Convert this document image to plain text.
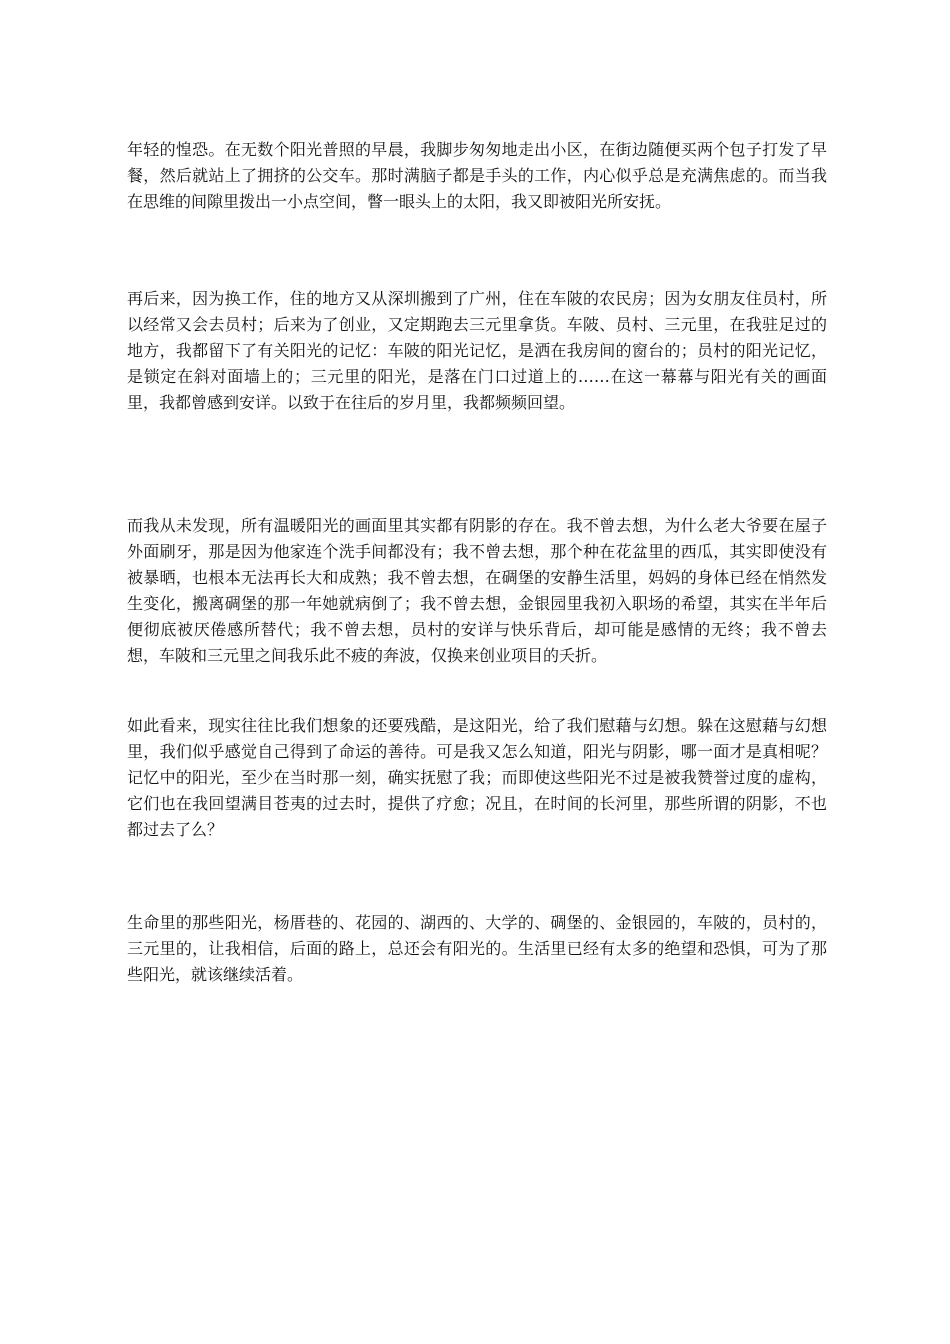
年轻的惶恐。在无数个阳光普照的早晨，我脚步匆匆地走出小区，在街边随便买两个包子打发了早餐，然后就站上了拥挤的公交车。那时满脑子都是手头的工作，内心似乎总是充满焦虑的。而当我在思维的间隙里拨出一小点空间，瞥一眼头上的太阳，我又即被阳光所安抚。

再后来，因为换工作，住的地方又从深圳搬到了广州，住在车陂的农民房；因为女朋友住员村，所以经常又会去员村；后来为了创业，又定期跑去三元里拿货。车陂、员村、三元里，在我驻足过的地方，我都留下了有关阳光的记忆：车陂的阳光记忆，是洒在我房间的窗台的；员村的阳光记忆，是锁定在斜对面墙上的；三元里的阳光，是落在门口过道上的……在这一幕幕与阳光有关的画面里，我都曾感到安详。以致于在往后的岁月里，我都频频回望。

而我从未发现，所有温暖阳光的画面里其实都有阴影的存在。我不曾去想，为什么老大爷要在屋子外面刷牙，那是因为他家连个洗手间都没有；我不曾去想，那个种在花盆里的西瓜，其实即使没有被暴晒，也根本无法再长大和成熟；我不曾去想，在碉堡的安静生活里，妈妈的身体已经在悄然发生变化，搬离碉堡的那一年她就病倒了；我不曾去想，金银园里我初入职场的希望，其实在半年后便彻底被厌倦感所替代；我不曾去想，员村的安详与快乐背后，却可能是感情的无终；我不曾去想，车陂和三元里之间我乐此不疲的奔波，仅换来创业项目的夭折。

如此看来，现实往往比我们想象的还要残酷，是这阳光，给了我们慰藉与幻想。躲在这慰藉与幻想里，我们似乎感觉自己得到了命运的善待。可是我又怎么知道，阳光与阴影，哪一面才是真相呢？记忆中的阳光，至少在当时那一刻，确实抚慰了我；而即使这些阳光不过是被我赞誉过度的虚构，它们也在我回望满目苍夷的过去时，提供了疗愈；况且，在时间的长河里，那些所谓的阴影，不也都过去了么？

生命里的那些阳光，杨厝巷的、花园的、湖西的、大学的、碉堡的、金银园的，车陂的，员村的，三元里的，让我相信，后面的路上，总还会有阳光的。生活里已经有太多的绝望和恐惧，可为了那些阳光，就该继续活着。
